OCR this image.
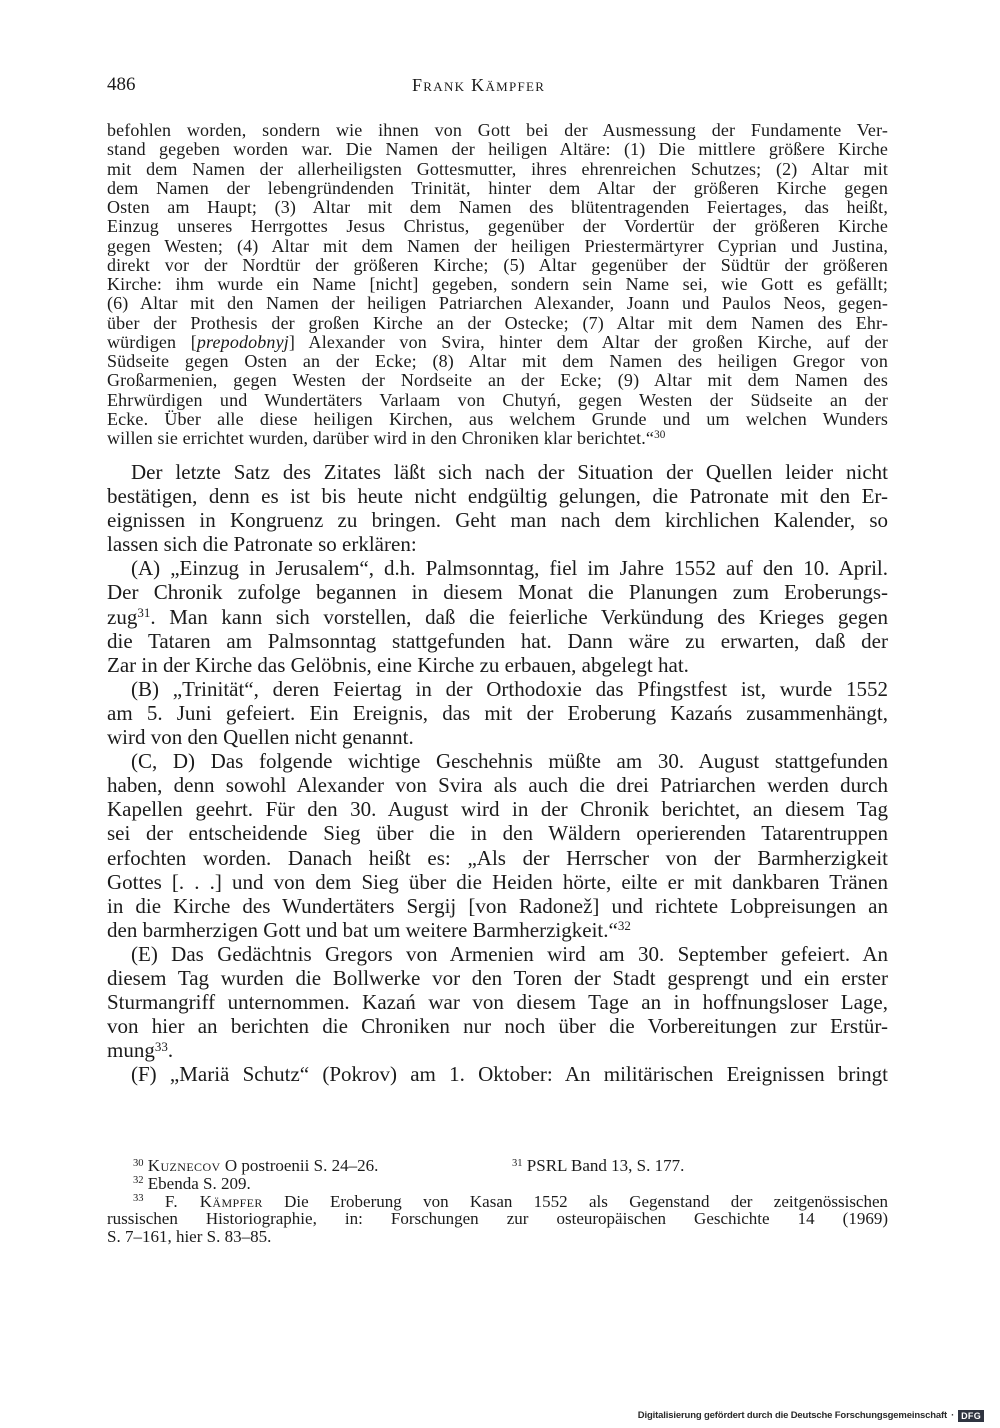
486	Frank Kämpfer
befohlen worden, sondern wie ihnen von Gott bei der Ausmessung der Fundamente Ver-
stand gegeben worden war. Die Namen der heiligen Altäre: (1) Die mittlere größere Kirche
mit dem Namen der allerheiligsten Gottesmutter, ihres ehrenreichen Schutzes; (2) Altar mit
dem Namen der lebengründenden Trinität, hinter dem Altar der größeren Kirche gegen
Osten am Haupt; (3) Altar mit dem Namen des blütentragenden Feiertages, das heißt,
Einzug unseres Herrgottes Jesus Christus, gegenüber der Vordertür der größeren Kirche
gegen Westen; (4) Altar mit dem Namen der heiligen Priestermärtyrer Cyprian und Justina,
direkt vor der Nordtür der größeren Kirche; (5) Altar gegenüber der Südtür der größeren
Kirche: ihm wurde ein Name [nicht] gegeben, sondern sein Name sei, wie Gott es gefällt;
(6) Altar mit den Namen der heiligen Patriarchen Alexander, Joann und Paulos Neos, gegen-
über der Prothesis der großen Kirche an der Ostecke; (7) Altar mit dem Namen des Ehr-
würdigen [prepodobnyj] Alexander von Svira, hinter dem Altar der großen Kirche, auf der
Südseite gegen Osten an der Ecke; (8) Altar mit dem Namen des heiligen Gregor von
Großarmenien, gegen Westen der Nordseite an der Ecke; (9) Altar mit dem Namen des
Ehrwürdigen und Wundertäters Varlaam von Chutyń, gegen Westen der Südseite an der
Ecke. Über alle diese heiligen Kirchen, aus welchem Grunde und um welchen Wunders
willen sie errichtet wurden, darüber wird in den Chroniken klar berichtet.“$^{30}$
Der letzte Satz des Zitates läßt sich nach der Situation der Quellen leider nicht
bestätigen, denn es ist bis heute nicht endgültig gelungen, die Patronate mit den Er-
eignissen in Kongruenz zu bringen. Geht man nach dem kirchlichen Kalender, so
lassen sich die Patronate so erklären:
(A) „Einzug in Jerusalem“, d.h. Palmsonntag, fiel im Jahre 1552 auf den 10. April.
Der Chronik zufolge begannen in diesem Monat die Planungen zum Eroberungs-
zug$^{31}$. Man kann sich vorstellen, daß die feierliche Verkündung des Krieges gegen
die Tataren am Palmsonntag stattgefunden hat. Dann wäre zu erwarten, daß der
Zar in der Kirche das Gelöbnis, eine Kirche zu erbauen, abgelegt hat.
(B) „Trinität“, deren Feiertag in der Orthodoxie das Pfingstfest ist, wurde 1552
am 5. Juni gefeiert. Ein Ereignis, das mit der Eroberung Kazańs zusammenhängt,
wird von den Quellen nicht genannt.
(C, D) Das folgende wichtige Geschehnis müßte am 30. August stattgefunden
haben, denn sowohl Alexander von Svira als auch die drei Patriarchen werden durch
Kapellen geehrt. Für den 30. August wird in der Chronik berichtet, an diesem Tag
sei der entscheidende Sieg über die in den Wäldern operierenden Tatarentruppen
erfochten worden. Danach heißt es: „Als der Herrscher von der Barmherzigkeit
Gottes [. . .] und von dem Sieg über die Heiden hörte, eilte er mit dankbaren Tränen
in die Kirche des Wundertäters Sergij [von Radonež] und richtete Lobpreisungen an
den barmherzigen Gott und bat um weitere Barmherzigkeit.“$^{32}$
(E) Das Gedächtnis Gregors von Armenien wird am 30. September gefeiert. An
diesem Tag wurden die Bollwerke vor den Toren der Stadt gesprengt und ein erster
Sturmangriff unternommen. Kazań war von diesem Tage an in hoffnungsloser Lage,
von hier an berichten die Chroniken nur noch über die Vorbereitungen zur Erstür-
mung$^{33}$.
(F) „Mariä Schutz“ (Pokrov) am 1. Oktober: An militärischen Ereignissen bringt
$^{30}$ Kuznecov O postroenii S. 24–26.	$^{31}$ PSRL Band 13, S. 177.
$^{32}$ Ebenda S. 209.
$^{33}$ F. Kämpfer Die Eroberung von Kasan 1552 als Gegenstand der zeitgenössischen
russischen Historiographie, in: Forschungen zur osteuropäischen Geschichte 14 (1969)
S. 7–161, hier S. 83–85.
Digitalisierung gefördert durch die Deutsche Forschungsgemeinschaft · DFG
